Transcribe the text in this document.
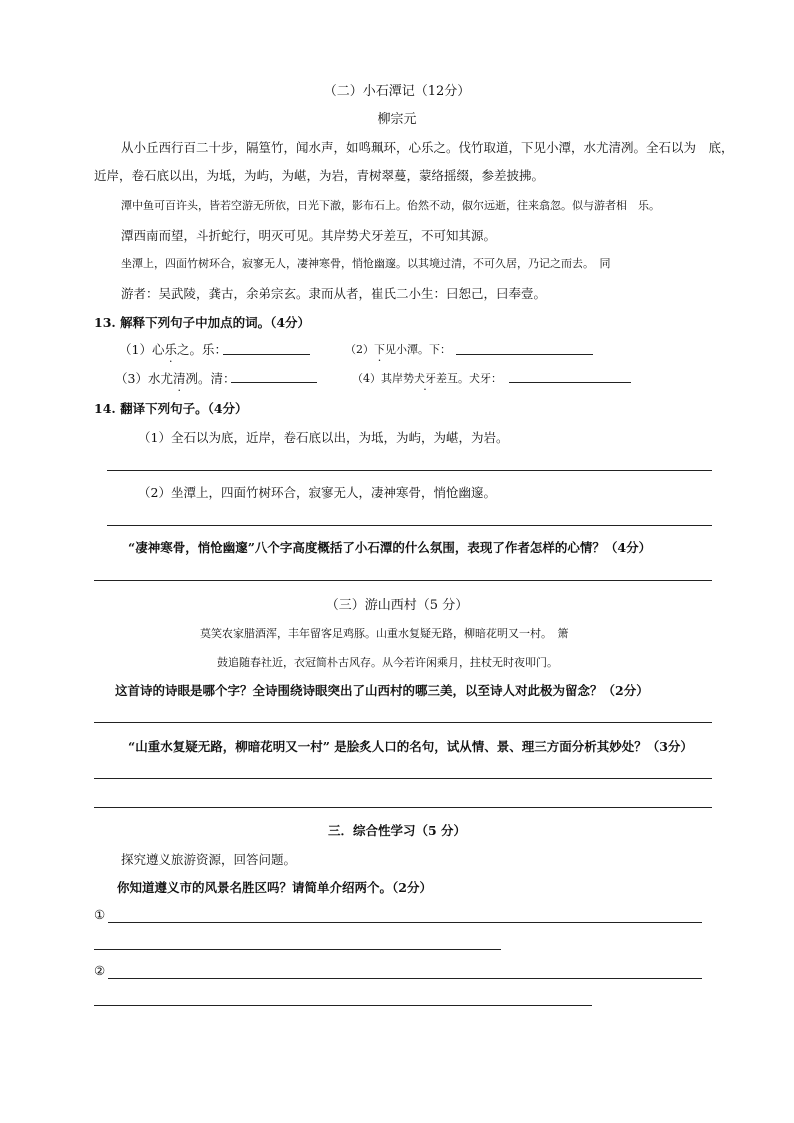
（二）小石潭记（12分）
柳宗元
从小丘西行百二十步，隔篁竹，闻水声，如鸣珮环，心乐之。伐竹取道，下见小潭，水尤清冽。全石以为　底，
近岸，卷石底以出，为坻，为屿，为嵁，为岩，青树翠蔓，蒙络摇缀，参差披拂。
潭中鱼可百许头，皆若空游无所依，日光下澈，影布石上。佁然不动，俶尔远逝，往来翕忽。似与游者相　乐。
潭西南而望，斗折蛇行，明灭可见。其岸势犬牙差互，不可知其源。
坐潭上，四面竹树环合，寂寥无人，凄神寒骨，悄怆幽邃。以其境过清，不可久居，乃记之而去。　同
游者：吴武陵，龚古，余弟宗玄。隶而从者，崔氏二小生：曰恕己，曰奉壹。
13. 解释下列句子中加点的词。（4分）
（1）心乐之。乐：	（2）下见小潭。下：
（3）水尤清冽。清：	（4）其岸势犬牙差互。犬牙：
14. 翻译下列句子。（4分）
（1）全石以为底，近岸，卷石底以出，为坻，为屿，为嵁，为岩。
（2）坐潭上，四面竹树环合，寂寥无人，凄神寒骨，悄怆幽邃。
“凄神寒骨，悄怆幽邃”八个字高度概括了小石潭的什么氛围，表现了作者怎样的心情？（4分）
（三）游山西村（5 分）
莫笑农家腊酒浑，丰年留客足鸡豚。山重水复疑无路，柳暗花明又一村。　箫
鼓追随春社近，衣冠简朴古风存。从今若许闲乘月，拄杖无时夜叩门。
这首诗的诗眼是哪个字？全诗围绕诗眼突出了山西村的哪三美，以至诗人对此极为留念？（2分）
“山重水复疑无路，柳暗花明又一村” 是脍炙人口的名句，试从情、景、理三方面分析其妙处？（3分）
三．综合性学习（5 分）
探究遵义旅游资源，回答问题。
你知道遵义市的风景名胜区吗？请简单介绍两个。（2分）
①
②
